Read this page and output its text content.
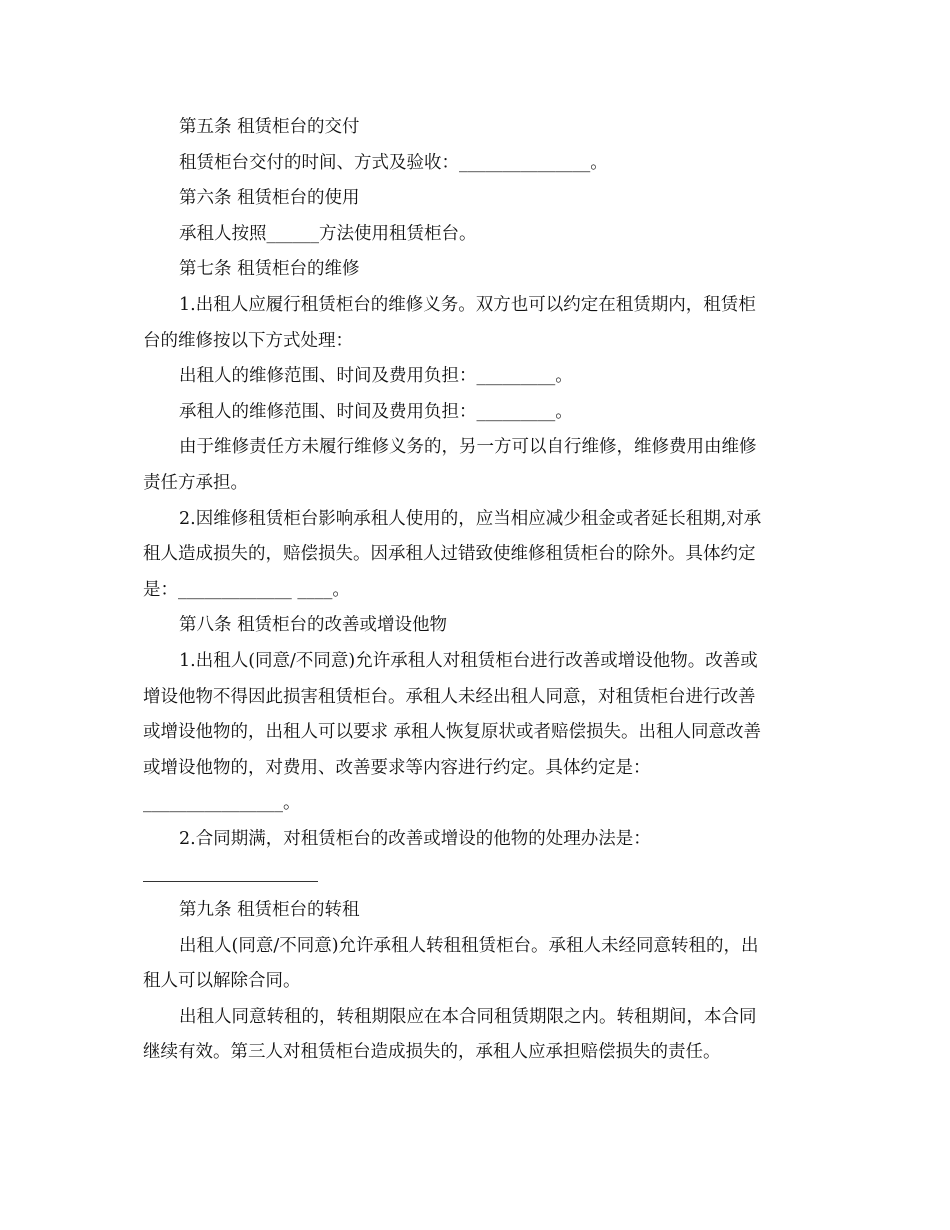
第五条 租赁柜台的交付

租赁柜台交付的时间、方式及验收：_______________。

第六条 租赁柜台的使用

承租人按照______方法使用租赁柜台。

第七条 租赁柜台的维修

1.出租人应履行租赁柜台的维修义务。双方也可以约定在租赁期内，租赁柜

台的维修按以下方式处理：

出租人的维修范围、时间及费用负担：_________。

承租人的维修范围、时间及费用负担：_________。

由于维修责任方未履行维修义务的，另一方可以自行维修，维修费用由维修

责任方承担。

2.因维修租赁柜台影响承租人使用的，应当相应减少租金或者延长租期,对承

租人造成损失的，赔偿损失。因承租人过错致使维修租赁柜台的除外。具体约定

是：_____________ ____。

第八条 租赁柜台的改善或增设他物

1.出租人(同意/不同意)允许承租人对租赁柜台进行改善或增设他物。改善或

增设他物不得因此损害租赁柜台。承租人未经出租人同意，对租赁柜台进行改善

或增设他物的，出租人可以要求 承租人恢复原状或者赔偿损失。出租人同意改善

或增设他物的，对费用、改善要求等内容进行约定。具体约定是：

________________。

2.合同期满，对租赁柜台的改善或增设的他物的处理办法是：

第九条 租赁柜台的转租

出租人(同意/不同意)允许承租人转租租赁柜台。承租人未经同意转租的，出

租人可以解除合同。

出租人同意转租的，转租期限应在本合同租赁期限之内。转租期间，本合同

继续有效。第三人对租赁柜台造成损失的，承租人应承担赔偿损失的责任。
